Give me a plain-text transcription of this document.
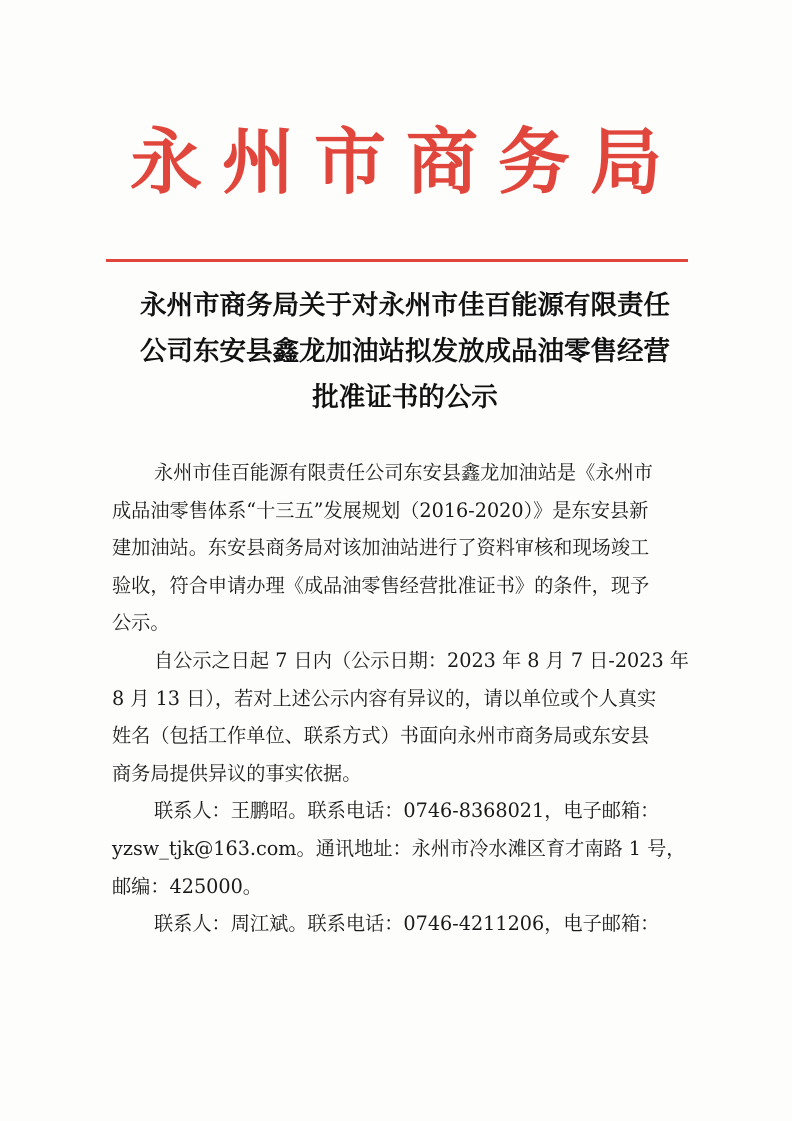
永州市商务局
永州市商务局关于对永州市佳百能源有限责任
公司东安县鑫龙加油站拟发放成品油零售经营
批准证书的公示
永州市佳百能源有限责任公司东安县鑫龙加油站是《永州市
成品油零售体系“十三五”发展规划（2016-2020）》是东安县新
建加油站。东安县商务局对该加油站进行了资料审核和现场竣工
验收，符合申请办理《成品油零售经营批准证书》的条件，现予
公示。
自公示之日起 7 日内（公示日期：2023 年 8 月 7 日-2023 年
8 月 13 日），若对上述公示内容有异议的，请以单位或个人真实
姓名（包括工作单位、联系方式）书面向永州市商务局或东安县
商务局提供异议的事实依据。
联系人：王鹏昭。联系电话：0746-8368021，电子邮箱：
yzsw_tjk@163.com。通讯地址：永州市冷水滩区育才南路 1 号，
邮编：425000。
联系人：周江斌。联系电话：0746-4211206，电子邮箱：
